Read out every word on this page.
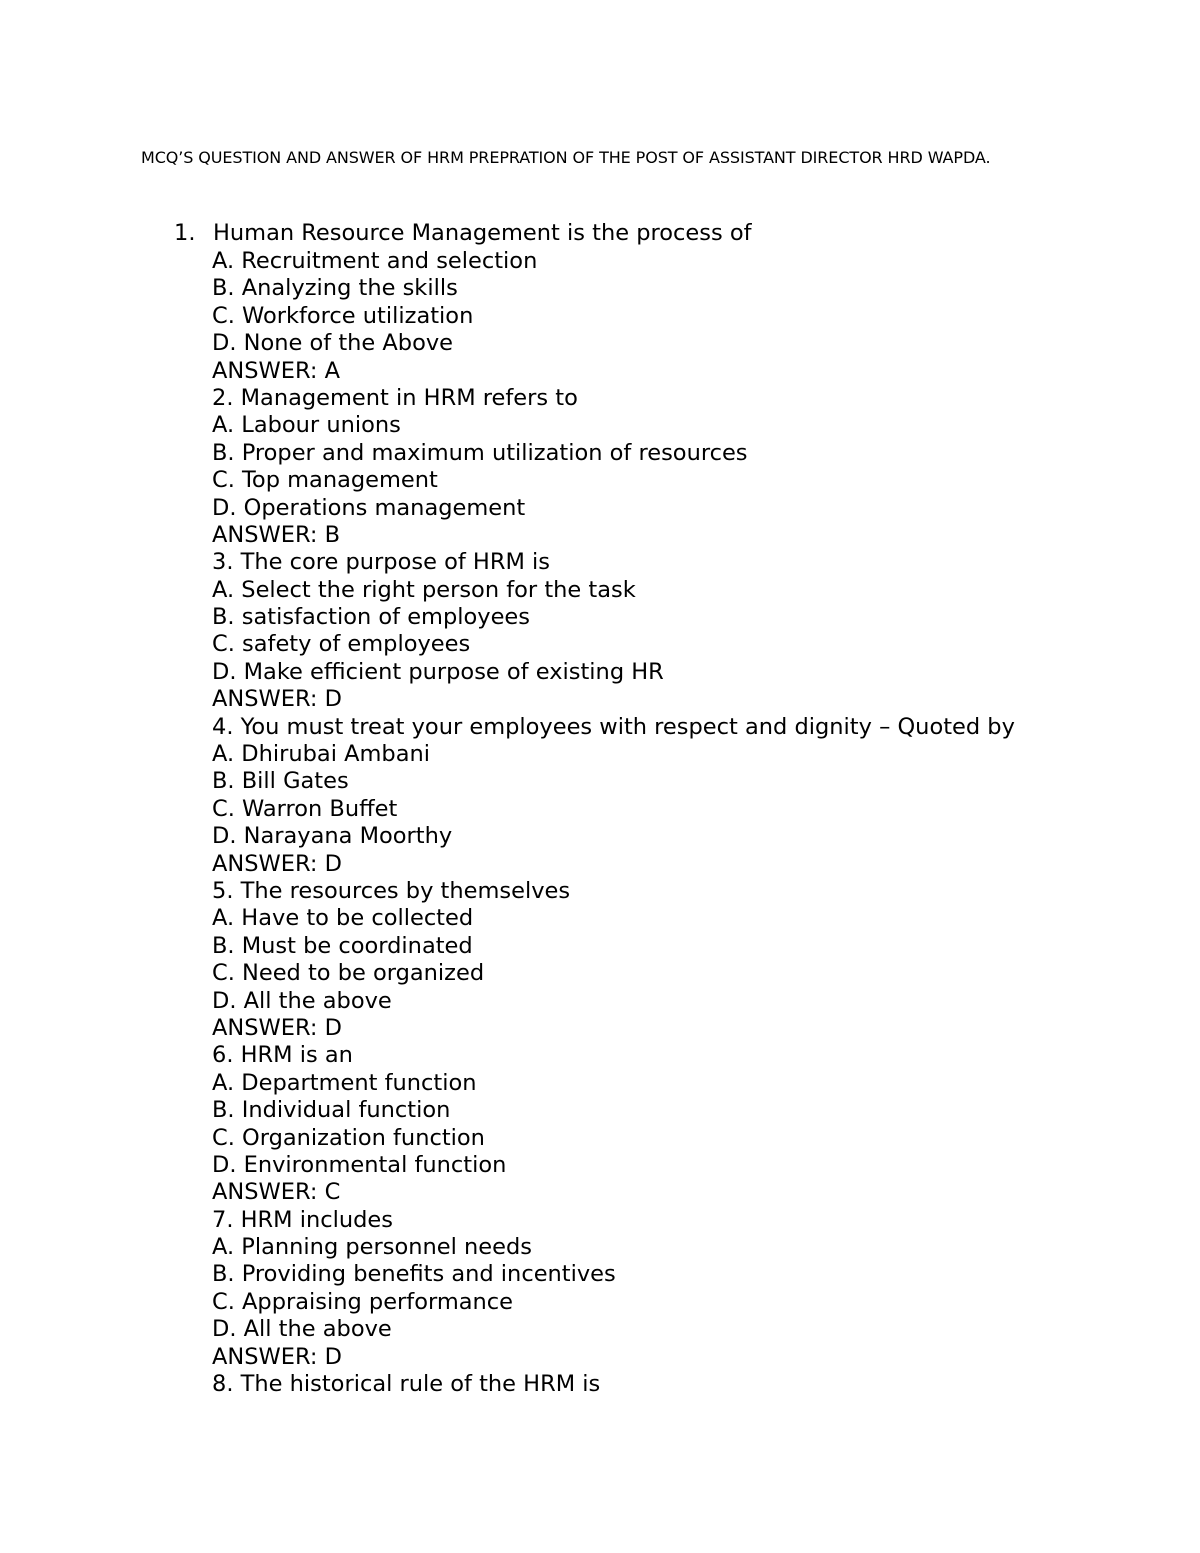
MCQ’S QUESTION AND ANSWER OF HRM PREPRATION OF THE POST OF ASSISTANT DIRECTOR HRD WAPDA.
1. Human Resource Management is the process of
A. Recruitment and selection
B. Analyzing the skills
C. Workforce utilization
D. None of the Above
ANSWER: A
2. Management in HRM refers to
A. Labour unions
B. Proper and maximum utilization of resources
C. Top management
D. Operations management
ANSWER: B
3. The core purpose of HRM is
A. Select the right person for the task
B. satisfaction of employees
C. safety of employees
D. Make efficient purpose of existing HR
ANSWER: D
4. You must treat your employees with respect and dignity – Quoted by
A. Dhirubai Ambani
B. Bill Gates
C. Warron Buffet
D. Narayana Moorthy
ANSWER: D
5. The resources by themselves
A. Have to be collected
B. Must be coordinated
C. Need to be organized
D. All the above
ANSWER: D
6. HRM is an
A. Department function
B. Individual function
C. Organization function
D. Environmental function
ANSWER: C
7. HRM includes
A. Planning personnel needs
B. Providing benefits and incentives
C. Appraising performance
D. All the above
ANSWER: D
8. The historical rule of the HRM is
